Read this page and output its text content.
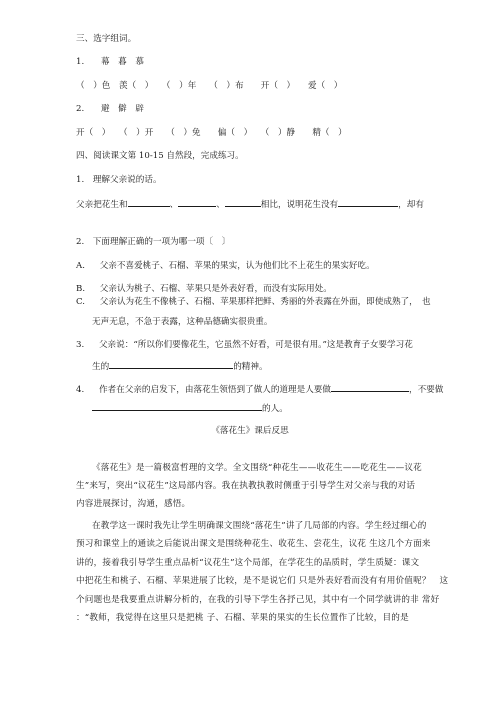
三、选字组词。
1. 幕　暮　慕
（　）色　羡（　）　　（　）年　　（　）布　　开（　）　　爱（　）
2. 避　僻　辟
开（　）　　（　）开　　（　）免　　偏（　）　　（　）静　　精（　）
四、阅读课文第 10-15 自然段，完成练习。
1.　理解父亲说的话。
父亲把花生和	、	、	相比，说明花生没有	，却有
2.　下面理解正确的一项为哪一项〔　〕
A. 父亲不喜爱桃子、石榴、苹果的果实，认为他们比不上花生的果实好吃。
B. 父亲认为桃子、石榴、苹果只是外表好看，而没有实际用处。
C. 父亲认为花生不像桃子、石榴、苹果那样把鲜、秀丽的外表露在外面，即使成熟了，　也
无声无息，不急于表露，这种品德确实很贵重。
3. 父亲说：“所以你们要像花生，它虽然不好看，可是很有用。”这是教育子女要学习花
生的	的精神。
4. 作者在父亲的启发下，由落花生领悟到了做人的道理是人要做	，不要做
的人。
《落花生》课后反思
《落花生》是一篇极富哲理的文学。全文围绕“种花生——收花生——吃花生——议花
生”来写，突出“议花生”这局部内容。我在执教执教时侧重于引导学生对父亲与我的对话
内容进展探讨，沟通，感悟。
在教学这一课时我先让学生明确课文围绕“落花生”讲了几局部的内容。学生经过细心的
预习和课堂上的通读之后能说出课文是围绕种花生、收花生、尝花生，议花 生这几个方面来
讲的，接着我引导学生重点品析“议花生”这个局部，在学花生的品质时，学生质疑：课文
中把花生和桃子、石榴、苹果进展了比较，是不是说它们 只是外表好看而没有有用价值呢？　这
个问题也是我要重点讲解分析的，在我的引导下学生各抒己见，其中有一个同学就讲的非 常好
：“教师，我觉得在这里只是把桃 子、石榴、苹果的果实的生长位置作了比较，目的是
